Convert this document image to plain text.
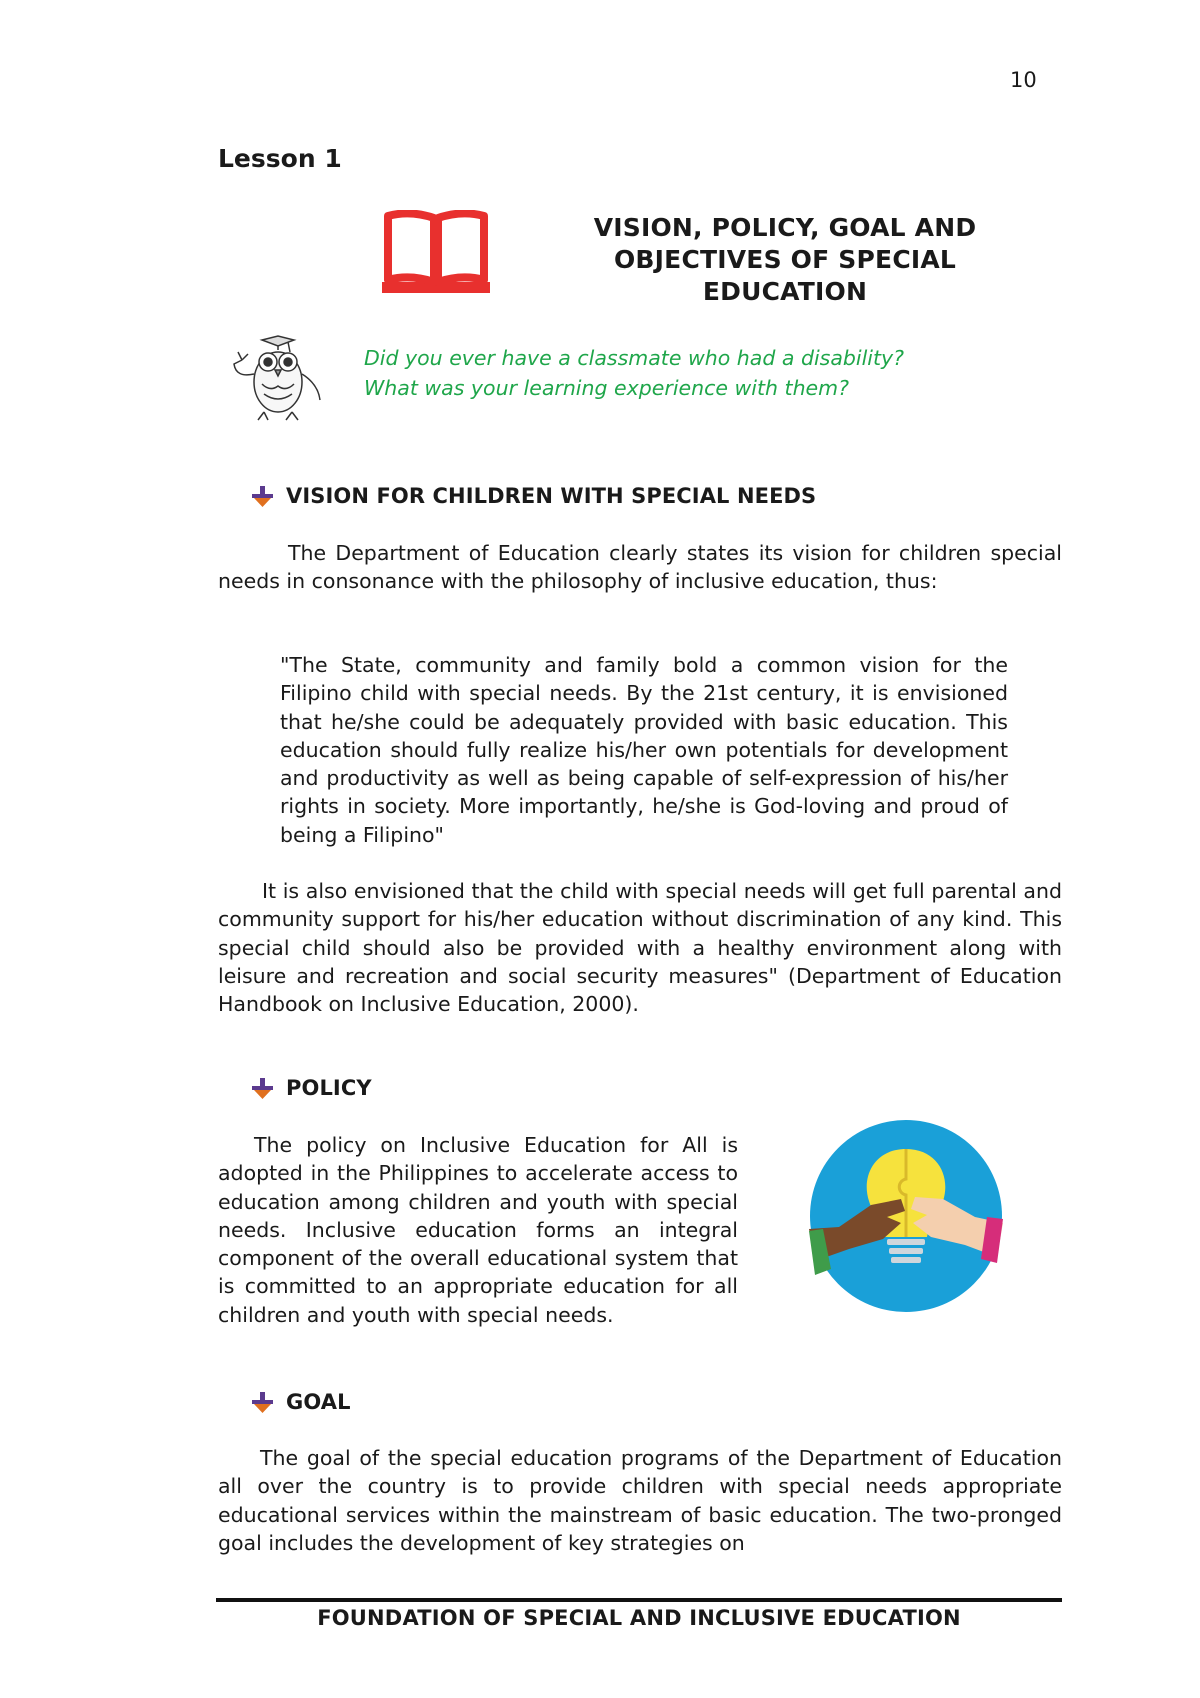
10
Lesson 1
VISION, POLICY, GOAL AND
OBJECTIVES OF SPECIAL
EDUCATION
Did you ever have a classmate who had a disability?
What was your learning experience with them?
VISION FOR CHILDREN WITH SPECIAL NEEDS

The Department of Education clearly states its vision for children special needs in consonance with the philosophy of inclusive education, thus:

"The State, community and family bold a common vision for the Filipino child with special needs. By the 21st century, it is envisioned that he/she could be adequately provided with basic education. This education should fully realize his/her own potentials for development and productivity as well as being capable of self-expression of his/her rights in society. More importantly, he/she is God-loving and proud of being a Filipino"

It is also envisioned that the child with special needs will get full parental and community support for his/her education without discrimination of any kind. This special child should also be provided with a healthy environment along with leisure and recreation and social security measures" (Department of Education Handbook on Inclusive Education, 2000).

POLICY

The policy on Inclusive Education for All is adopted in the Philippines to accelerate access to education among children and youth with special needs. Inclusive education forms an integral component of the overall educational system that is committed to an appropriate education for all children and youth with special needs.

GOAL

The goal of the special education programs of the Department of Education all over the country is to provide children with special needs appropriate educational services within the mainstream of basic education. The two-pronged goal includes the development of key strategies on

FOUNDATION OF SPECIAL AND INCLUSIVE EDUCATION
